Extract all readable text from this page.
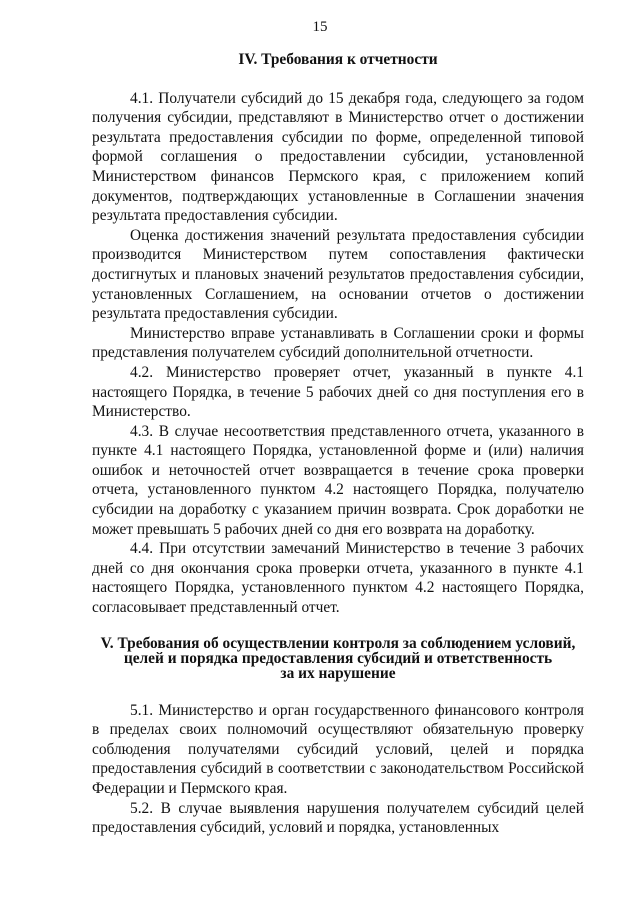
15
IV. Требования к отчетности

4.1. Получатели субсидий до 15 декабря года, следующего за годом получения субсидии, представляют в Министерство отчет о достижении результата предоставления субсидии по форме, определенной типовой формой соглашения о предоставлении субсидии, установленной Министерством финансов Пермского края, с приложением копий документов, подтверждающих установленные в Соглашении значения результата предоставления субсидии.

Оценка достижения значений результата предоставления субсидии производится Министерством путем сопоставления фактически достигнутых и плановых значений результатов предоставления субсидии, установленных Соглашением, на основании отчетов о достижении результата предоставления субсидии.

Министерство вправе устанавливать в Соглашении сроки и формы представления получателем субсидий дополнительной отчетности.

4.2. Министерство проверяет отчет, указанный в пункте 4.1 настоящего Порядка, в течение 5 рабочих дней со дня поступления его в Министерство.

4.3. В случае несоответствия представленного отчета, указанного в пункте 4.1 настоящего Порядка, установленной форме и (или) наличия ошибок и неточностей отчет возвращается в течение срока проверки отчета, установленного пунктом 4.2 настоящего Порядка, получателю субсидии на доработку с указанием причин возврата. Срок доработки не может превышать 5 рабочих дней со дня его возврата на доработку.

4.4. При отсутствии замечаний Министерство в течение 3 рабочих дней со дня окончания срока проверки отчета, указанного в пункте 4.1 настоящего Порядка, установленного пунктом 4.2 настоящего Порядка, согласовывает представленный отчет.

V. Требования об осуществлении контроля за соблюдением условий,
целей и порядка предоставления субсидий и ответственность
за их нарушение

5.1. Министерство и орган государственного финансового контроля в пределах своих полномочий осуществляют обязательную проверку соблюдения получателями субсидий условий, целей и порядка предоставления субсидий в соответствии с законодательством Российской Федерации и Пермского края.

5.2. В случае выявления нарушения получателем субсидий целей предоставления субсидий, условий и порядка, установленных
